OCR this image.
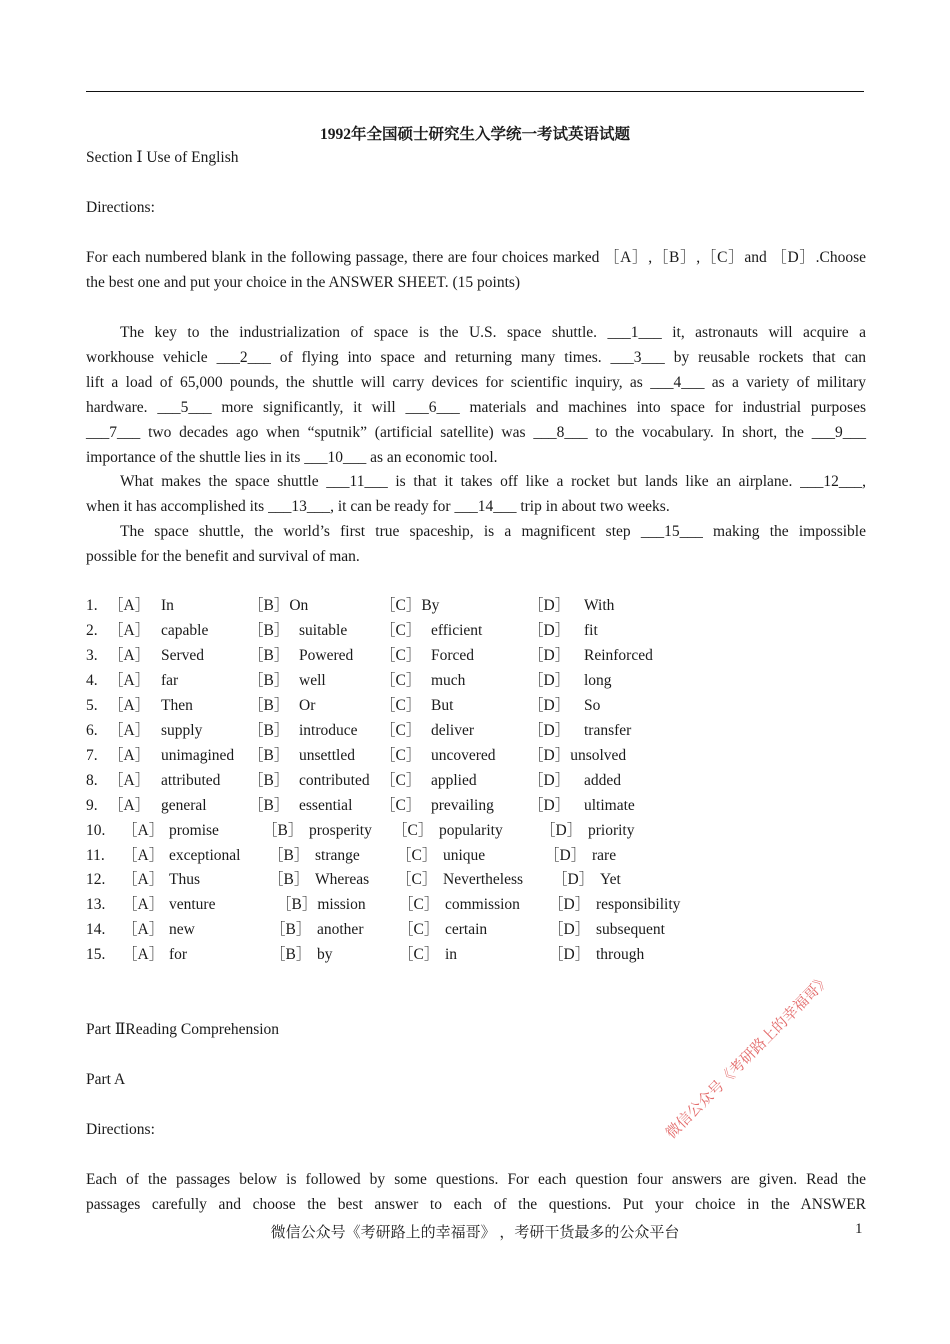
1992年全国硕士研究生入学统一考试英语试题
Section Ⅰ Use of English
Directions:
For each numbered blank in the following passage, there are four choices marked ［A］,［B］,［C］and ［D］.Choose
the best one and put your choice in the ANSWER SHEET. (15 points)
The key to the industrialization of space is the U.S. space shuttle. ___1___ it, astronauts will acquire a
workhouse vehicle ___2___ of flying into space and returning many times. ___3___ by reusable rockets that can
lift a load of 65,000 pounds, the shuttle will carry devices for scientific inquiry, as ___4___ as a variety of military
hardware. ___5___ more significantly, it will ___6___ materials and machines into space for industrial purposes
___7___ two decades ago when “sputnik” (artificial satellite) was ___8___ to the vocabulary. In short, the ___9___
importance of the shuttle lies in its ___10___ as an economic tool.
What makes the space shuttle ___11___ is that it takes off like a rocket but lands like an airplane. ___12___,
when it has accomplished its ___13___, it can be ready for ___14___ trip in about two weeks.
The space shuttle, the world’s first true spaceship, is a magnificent step ___15___ making the impossible
possible for the benefit and survival of man.
1. ［A］ In	［B］On	［C］By	［D］ With
2. ［A］ capable	［B］ suitable ［C］ efficient	［D］ fit
3. ［A］ Served	［B］ Powered ［C］ Forced	［D］ Reinforced
4. ［A］ far	［B］ well	［C］ much	［D］ long
5. ［A］ Then	［B］ Or	［C］ But	［D］ So
6. ［A］ supply	［B］ introduce ［C］ deliver	［D］ transfer
7. ［A］ unimagined ［B］ unsettled ［C］ uncovered ［D］unsolved
8. ［A］ attributed ［B］ contributed ［C］ applied	［D］ added
9. ［A］ general	［B］ essential ［C］ prevailing ［D］ ultimate
10. ［A］ promise	［B］ prosperity ［C］ popularity ［D］ priority
11. ［A］ exceptional ［B］ strange ［C］ unique	［D］ rare
12. ［A］ Thus	［B］ Whereas ［C］ Nevertheless ［D］ Yet
13. ［A］ venture	［B］mission ［C］ commission ［D］ responsibility
14. ［A］ new	［B］ another ［C］ certain	［D］ subsequent
15. ［A］ for	［B］ by	［C］ in	［D］ through
Part ⅡReading Comprehension
Part A
Directions:
Each of the passages below is followed by some questions. For each question four answers are given. Read the
passages carefully and choose the best answer to each of the questions. Put your choice in the ANSWER
微信公众号《考研路上的幸福哥》 ，考研干货最多的公众平台	1
微信公众号《考研路上的幸福哥》
